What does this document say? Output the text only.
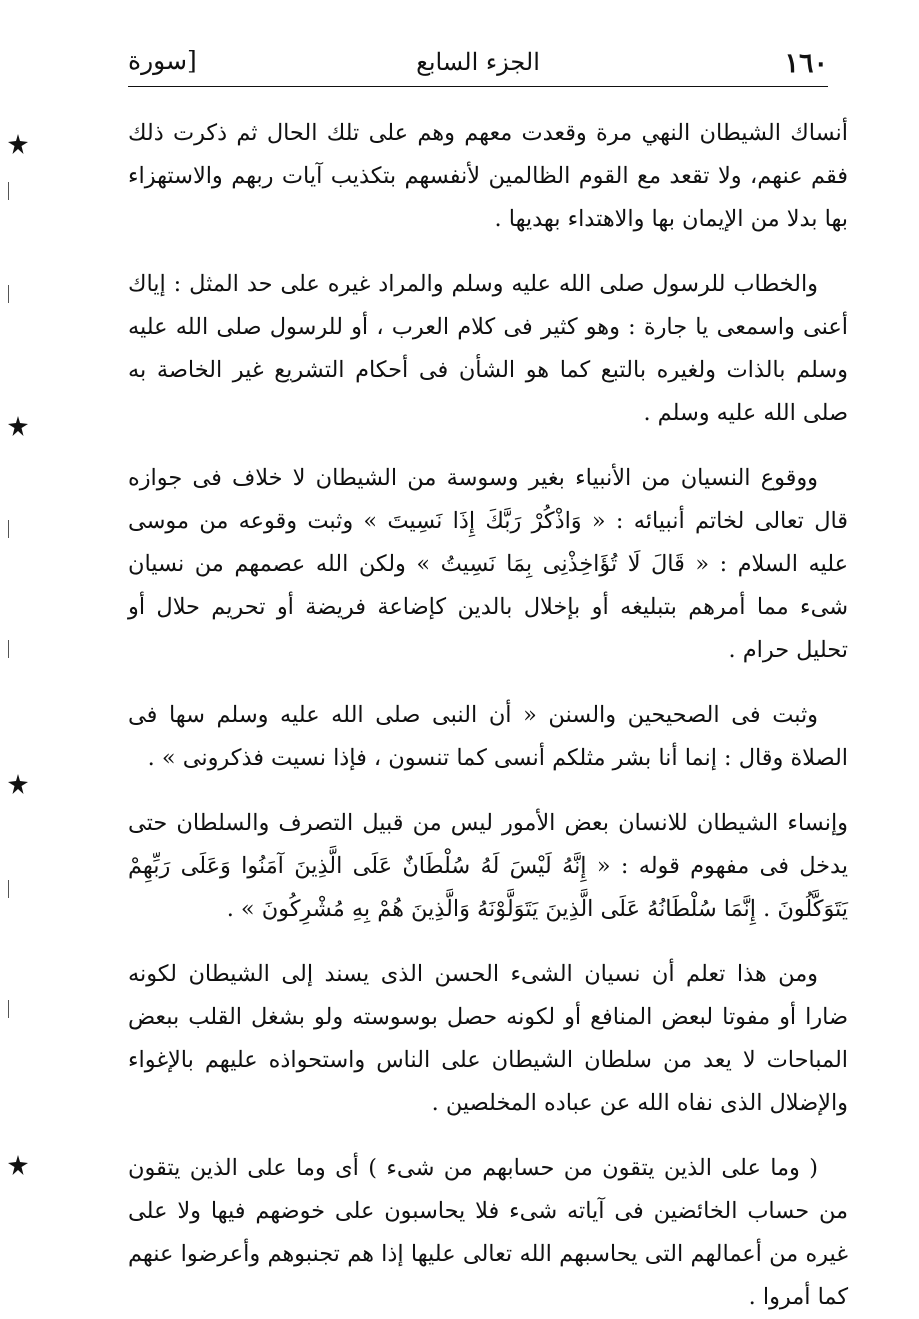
١٦٠
الجزء السابع
[سورة

أنساك الشيطان النهي مرة وقعدت معهم وهم على تلك الحال ثم ذكرت ذلك فقم عنهم، ولا تقعد مع القوم الظالمين لأنفسهم بتكذيب آيات ربهم والاستهزاء بها بدلا من الإيمان بها والاهتداء بهديها .

والخطاب للرسول صلى الله عليه وسلم والمراد غيره على حد المثل : إياك أعنى واسمعى يا جارة : وهو كثير فى كلام العرب ، أو للرسول صلى الله عليه وسلم بالذات ولغيره بالتبع كما هو الشأن فى أحكام التشريع غير الخاصة به صلى الله عليه وسلم .

ووقوع النسيان من الأنبياء بغير وسوسة من الشيطان لا خلاف فى جوازه قال تعالى لخاتم أنبيائه : « وَاذْكُرْ رَبَّكَ إِذَا نَسِيتَ » وثبت وقوعه من موسى عليه السلام : « قَالَ لَا تُؤَاخِذْنِى بِمَا نَسِيتُ » ولكن الله عصمهم من نسيان شىء مما أمرهم بتبليغه أو بإخلال بالدين كإضاعة فريضة أو تحريم حلال أو تحليل حرام .

وثبت فى الصحيحين والسنن « أن النبى صلى الله عليه وسلم سها فى الصلاة وقال : إنما أنا بشر مثلكم أنسى كما تنسون ، فإذا نسيت فذكرونى » .

وإنساء الشيطان للانسان بعض الأمور ليس من قبيل التصرف والسلطان حتى يدخل فى مفهوم قوله : « إِنَّهُ لَيْسَ لَهُ سُلْطَانٌ عَلَى الَّذِينَ آمَنُوا وَعَلَى رَبِّهِمْ يَتَوَكَّلُونَ . إِنَّمَا سُلْطَانُهُ عَلَى الَّذِينَ يَتَوَلَّوْنَهُ وَالَّذِينَ هُمْ بِهِ مُشْرِكُونَ » .

ومن هذا تعلم أن نسيان الشىء الحسن الذى يسند إلى الشيطان لكونه ضارا أو مفوتا لبعض المنافع أو لكونه حصل بوسوسته ولو بشغل القلب ببعض المباحات لا يعد من سلطان الشيطان على الناس واستحواذه عليهم بالإغواء والإضلال الذى نفاه الله عن عباده المخلصين .

( وما على الذين يتقون من حسابهم من شىء ) أى وما على الذين يتقون من حساب الخائضين فى آياته شىء فلا يحاسبون على خوضهم فيها ولا على غيره من أعمالهم التى يحاسبهم الله تعالى عليها إذا هم تجنبوهم وأعرضوا عنهم كما أمروا .
